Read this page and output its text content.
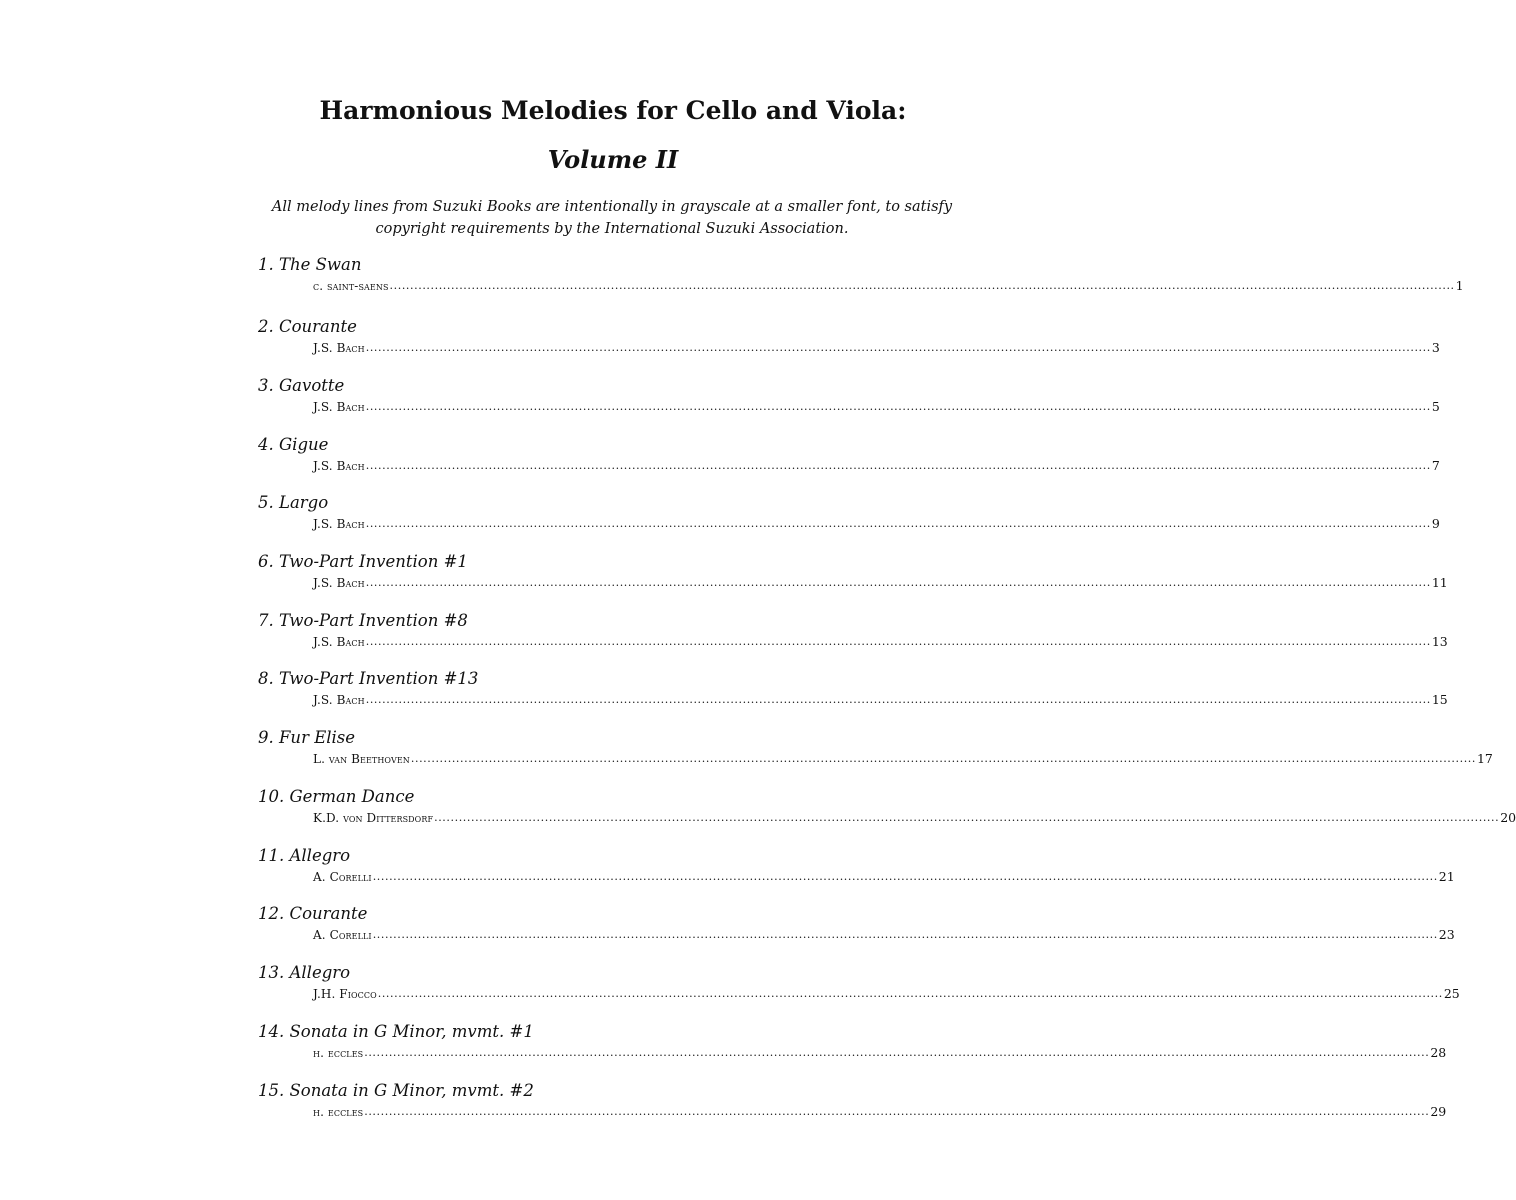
Harmonious Melodies for Cello and Viola:
Volume II

All melody lines from Suzuki Books are intentionally in grayscale at a smaller font, to satisfy copyright requirements by the International Suzuki Association.

1. The Swan
c. saint-saens .................................................................................................................................................................................................................................................................... 1
2. Courante
J.S. Bach .................................................................................................................................................................................................................................................................... 3
3. Gavotte
J.S. Bach .................................................................................................................................................................................................................................................................... 5
4. Gigue
J.S. Bach .................................................................................................................................................................................................................................................................... 7
5. Largo
J.S. Bach .................................................................................................................................................................................................................................................................... 9
6. Two-Part Invention #1
J.S. Bach .................................................................................................................................................................................................................................................................... 11
7. Two-Part Invention #8
J.S. Bach .................................................................................................................................................................................................................................................................... 13
8. Two-Part Invention #13
J.S. Bach .................................................................................................................................................................................................................................................................... 15
9. Fur Elise
L. van Beethoven .................................................................................................................................................................................................................................................................... 17
10. German Dance
K.D. von Dittersdorf .................................................................................................................................................................................................................................................................... 20
11. Allegro
A. Corelli .................................................................................................................................................................................................................................................................... 21
12. Courante
A. Corelli .................................................................................................................................................................................................................................................................... 23
13. Allegro
J.H. Fiocco .................................................................................................................................................................................................................................................................... 25
14. Sonata in G Minor, mvmt. #1
h. eccles .................................................................................................................................................................................................................................................................... 28
15. Sonata in G Minor, mvmt. #2
h. eccles .................................................................................................................................................................................................................................................................... 29
